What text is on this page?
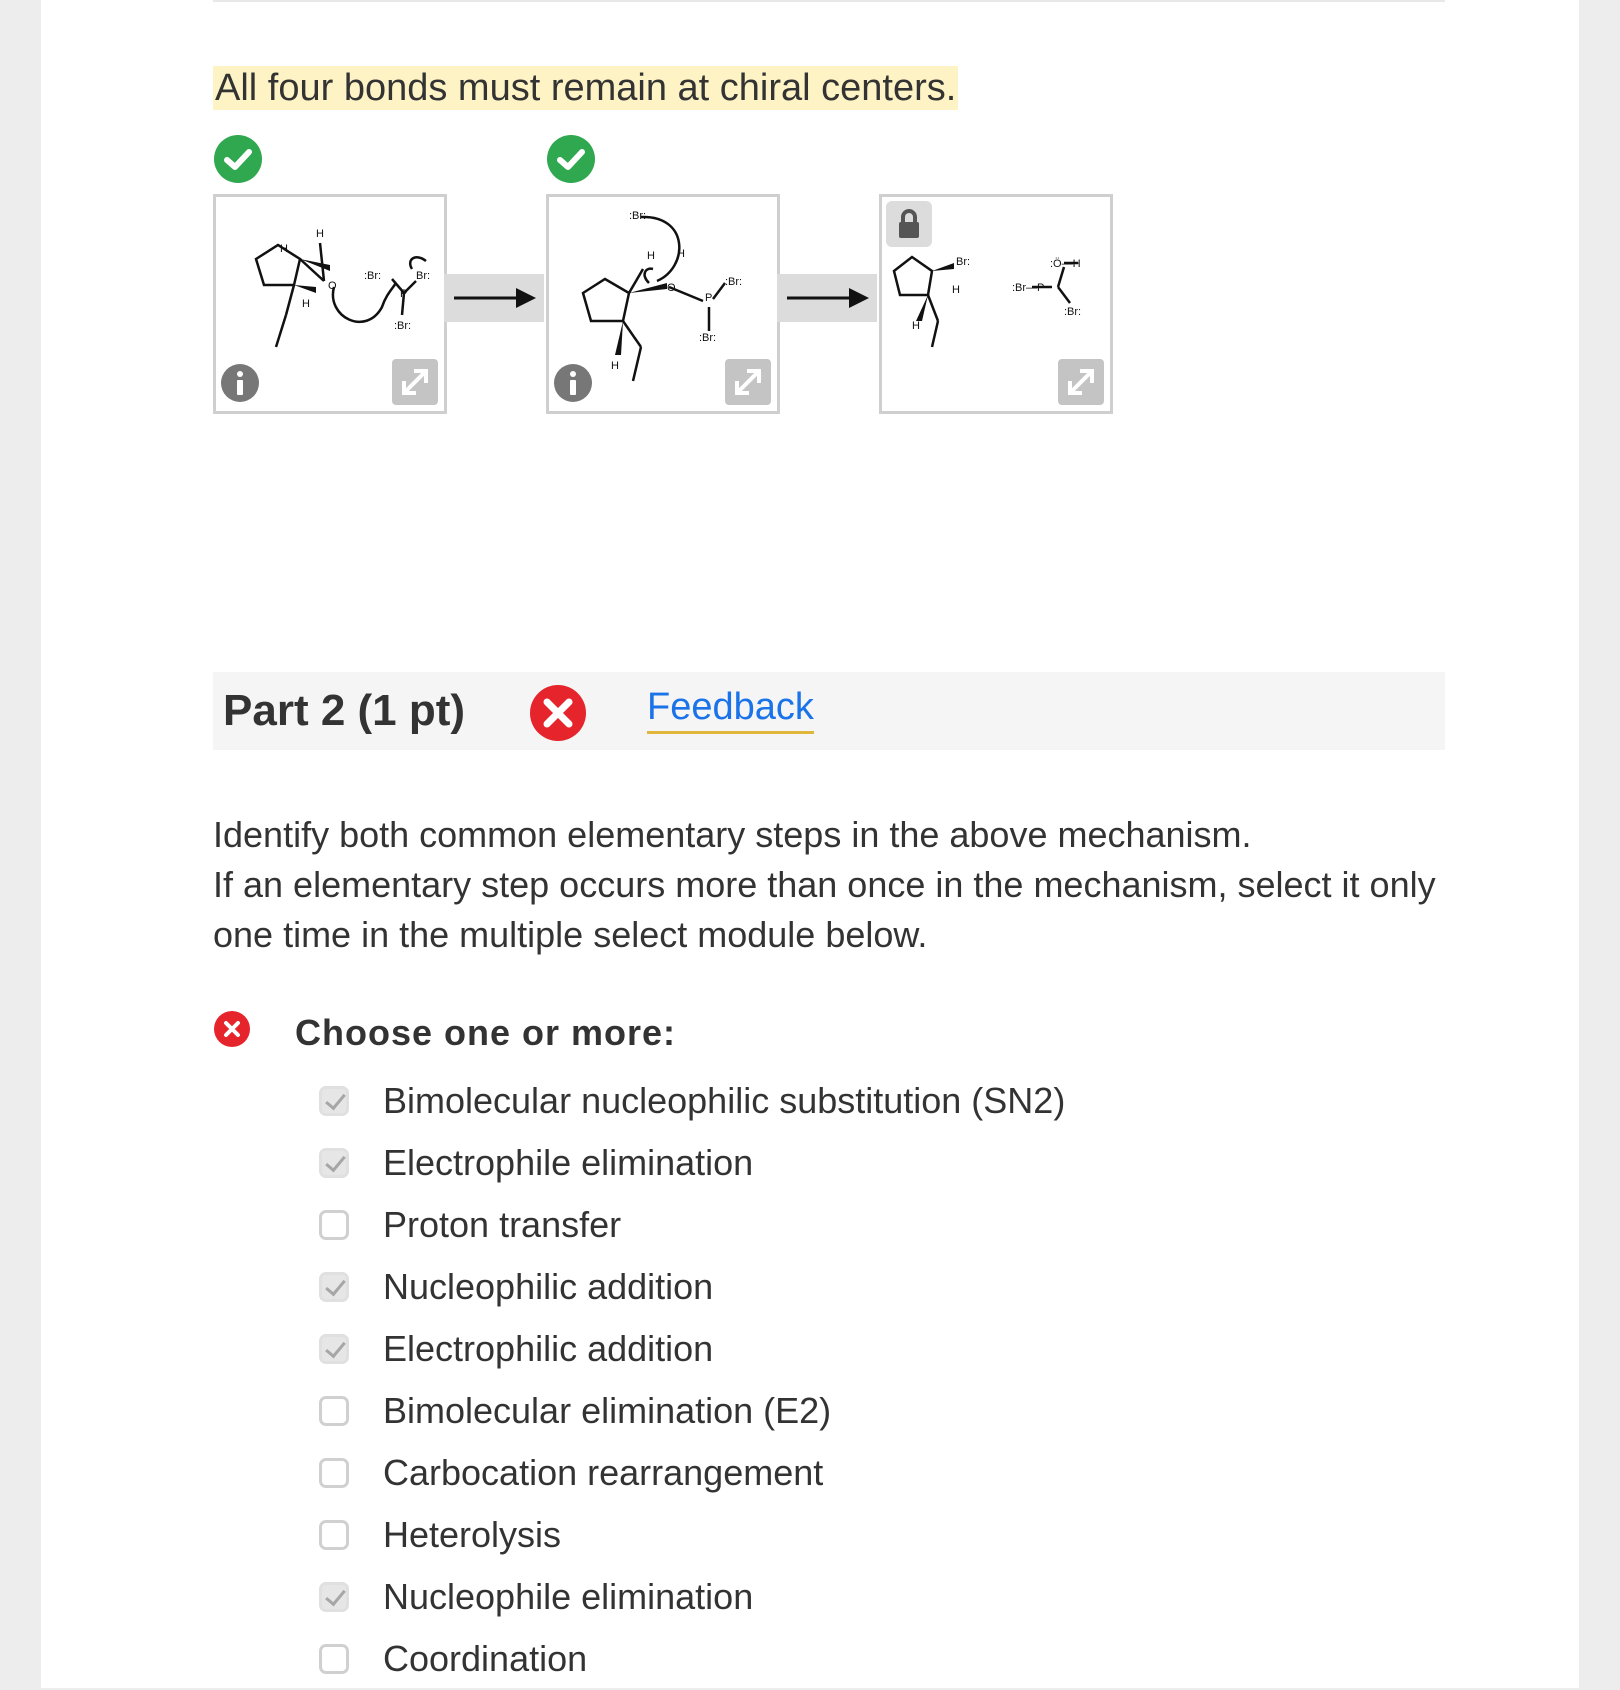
All four bonds must remain at chiral centers.
H
H
H
O
:Br:	Br:
P
:Br:
:Br:
H H
H
O	:Br:
P
:Br:
Br:
H
H
:Ö—H
:Br—P
:Br:
Part 2 (1 pt)	Feedback

Identify both common elementary steps in the above mechanism.

If an elementary step occurs more than once in the mechanism, select it only one time in the multiple select module below.

Choose one or more:
Bimolecular nucleophilic substitution (SN2)
Electrophile elimination
Proton transfer
Nucleophilic addition
Electrophilic addition
Bimolecular elimination (E2)
Carbocation rearrangement
Heterolysis
Nucleophile elimination
Coordination
